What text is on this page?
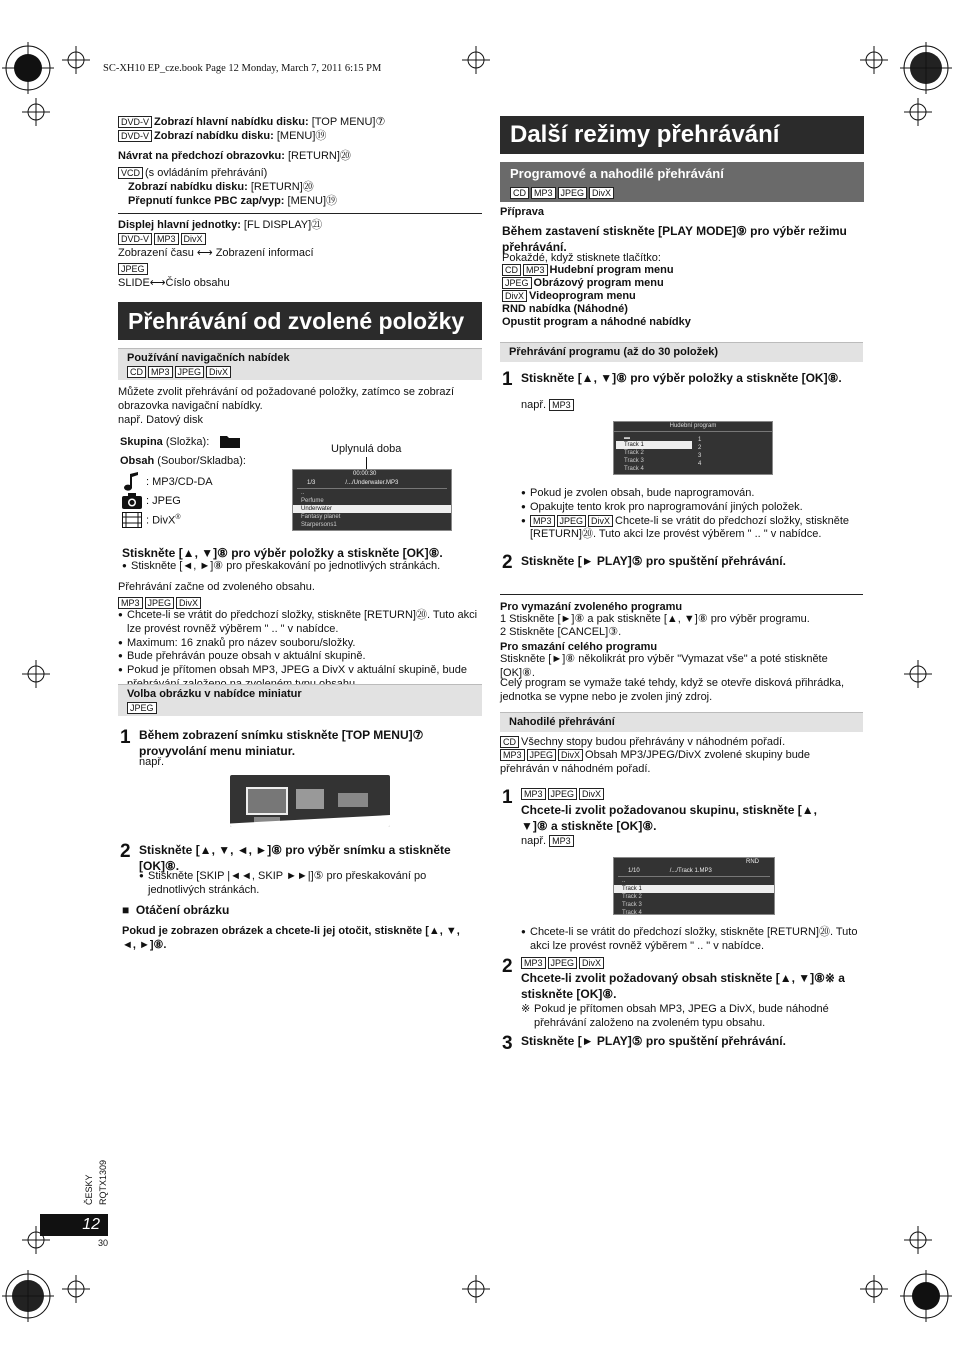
SC-XH10 EP_cze.book Page 12 Monday, March 7, 2011 6:15 PM
DVD-V Zobrazí hlavní nabídku disku: [TOP MENU]⑦
DVD-V Zobrazí nabídku disku: [MENU]⑲
Návrat na předchozí obrazovku: [RETURN]⑳
VCD (s ovládáním přehrávání)
Zobrazí nabídku disku: [RETURN]⑳
Přepnutí funkce PBC zap/vyp: [MENU]⑲
Displej hlavní jednotky: [FL DISPLAY]㉑
DVD-V MP3 DivX
Zobrazení času ⟷ Zobrazení informací
JPEG
SLIDE⟷Číslo obsahu
Přehrávání od zvolené položky
Používání navigačních nabídek
CD MP3 JPEG DivX
Můžete zvolit přehrávání od požadované položky, zatímco se zobrazí obrazovka navigační nabídky.
např. Datový disk
Skupina (Složka):
Obsah (Soubor/Skladba):
: MP3/CD-DA
: JPEG
: DivX®
Uplynulá doba
00:00:30
1/3	/.../Underwater.MP3
..
Perfume
Underwater
Fantasy planet
Starpersons1
Stiskněte [▲, ▼]⑧ pro výběr položky a stiskněte [OK]⑧.
● Stiskněte [◄, ►]⑧ pro přeskakování po jednotlivých stránkách.
Přehrávání začne od zvoleného obsahu.
MP3 JPEG DivX
● Chcete-li se vrátit do předchozí složky, stiskněte [RETURN]⑳. Tuto akci lze provést rovněž výběrem " .. " v nabídce.
● Maximum: 16 znaků pro název souboru/složky.
● Bude přehráván pouze obsah v aktuální skupině.
● Pokud je přítomen obsah MP3, JPEG a DivX v aktuální skupině, bude
Volba obrázku v nabídce miniatur
JPEG
1 Během zobrazení snímku stiskněte [TOP MENU]⑦ provyvolání menu miniatur.
např.
2 Stiskněte [▲, ▼, ◄, ►]⑧ pro výběr snímku a stiskněte [OK]⑧.
● Stiskněte [SKIP |◄◄, SKIP ►►|]⑤ pro přeskakování po jednotlivých stránkách.
■  Otáčení obrázku
Pokud je zobrazen obrázek a chcete-li jej otočit, stiskněte [▲, ▼, ◄, ►]⑧.
Další režimy přehrávání
Programové a nahodilé přehrávání
CD MP3 JPEG DivX
Příprava
Během zastavení stiskněte [PLAY MODE]⑨ pro výběr režimu přehrávání.
Pokaždé, když stisknete tlačítko:
CD MP3 Hudební program menu
JPEG Obrázový program menu
DivX Videoprogram menu
RND nabídka (Náhodné)
Opustit program a náhodné nabídky
Přehrávání programu (až do 30 položek)
1 Stiskněte [▲, ▼]⑧ pro výběr položky a stiskněte [OK]⑧.
např. MP3
Hudební program
▬
Track 1
Track 2
Track 3
Track 4
1
2
3
4
● Pokud je zvolen obsah, bude naprogramován.
● Opakujte tento krok pro naprogramování jiných položek.
● MP3 JPEG DivX Chcete-li se vrátit do předchozí složky, stiskněte [RETURN]⑳. Tuto akci lze provést výběrem " .. " v nabídce.
2 Stiskněte [► PLAY]⑤ pro spuštění přehrávání.
Pro vymazání zvoleného programu
1 Stiskněte [►]⑧ a pak stiskněte [▲, ▼]⑧ pro výběr programu.
2 Stiskněte [CANCEL]③.
Pro smazání celého programu
Stiskněte [►]⑧ několikrát pro výběr "Vymazat vše" a poté stiskněte [OK]⑧.
Celý program se vymaže také tehdy, když se otevře disková přihrádka, jednotka se vypne nebo je zvolen jiný zdroj.
Nahodilé přehrávání
CD Všechny stopy budou přehrávány v náhodném pořadí.
MP3 JPEG DivX Obsah MP3/JPEG/DivX zvolené skupiny bude přehráván v náhodném pořadí.
1	MP3 JPEG DivX
Chcete-li zvolit požadovanou skupinu, stiskněte [▲, ▼]⑧ a stiskněte [OK]⑧.
např. MP3
RND
1/10	/.../Track 1.MP3
..
Track 1
Track 2
Track 3
Track 4
● Chcete-li se vrátit do předchozí složky, stiskněte [RETURN]⑳. Tuto akci lze provést rovněž výběrem " .. " v nabídce.
2	MP3 JPEG DivX
Chcete-li zvolit požadovaný obsah stiskněte [▲, ▼]⑧※ a stiskněte [OK]⑧.
※ Pokud je přítomen obsah MP3, JPEG a DivX, bude náhodné přehrávání založeno na zvoleném typu obsahu.
3 Stiskněte [► PLAY]⑤ pro spuštění přehrávání.
ČESKY RQTX1309
12
30
